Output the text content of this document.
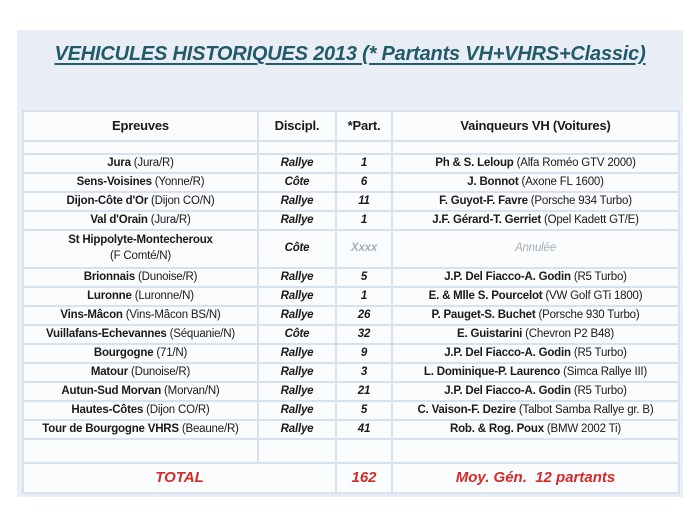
VEHICULES HISTORIQUES 2013 (* Partants VH+VHRS+Classic)
Epreuves	Discipl.	*Part.	Vainqueurs VH (Voitures)

Jura (Jura/R)	Rallye	1	Ph & S. Leloup (Alfa Roméo GTV 2000)
Sens-Voisines (Yonne/R)	Côte	6	J. Bonnot (Axone FL 1600)
Dijon-Côte d'Or (Dijon CO/N)	Rallye	11	F. Guyot-F. Favre (Porsche 934 Turbo)
Val d'Orain (Jura/R)	Rallye	1	J.F. Gérard-T. Gerriet (Opel Kadett GT/E)
St Hippolyte-Montecheroux
(F Comté/N)	Côte	Xxxx	Annulée
Brionnais (Dunoise/R)	Rallye	5	J.P. Del Fiacco-A. Godin (R5 Turbo)
Luronne (Luronne/N)	Rallye	1	E. & Mlle S. Pourcelot (VW Golf GTi 1800)
Vins-Mâcon (Vins-Mâcon BS/N)	Rallye	26	P. Pauget-S. Buchet (Porsche 930 Turbo)
Vuillafans-Echevannes (Séquanie/N)	Côte	32	E. Guistarini (Chevron P2 B48)
Bourgogne (71/N)	Rallye	9	J.P. Del Fiacco-A. Godin (R5 Turbo)
Matour (Dunoise/R)	Rallye	3	L. Dominique-P. Laurenco (Simca Rallye III)
Autun-Sud Morvan (Morvan/N)	Rallye	21	J.P. Del Fiacco-A. Godin (R5 Turbo)
Hautes-Côtes (Dijon CO/R)	Rallye	5	C. Vaison-F. Dezire (Talbot Samba Rallye gr. B)
Tour de Bourgogne VHRS (Beaune/R)	Rallye	41	Rob. & Rog. Poux (BMW 2002 Ti)

TOTAL		162	Moy. Gén.  12 partants
